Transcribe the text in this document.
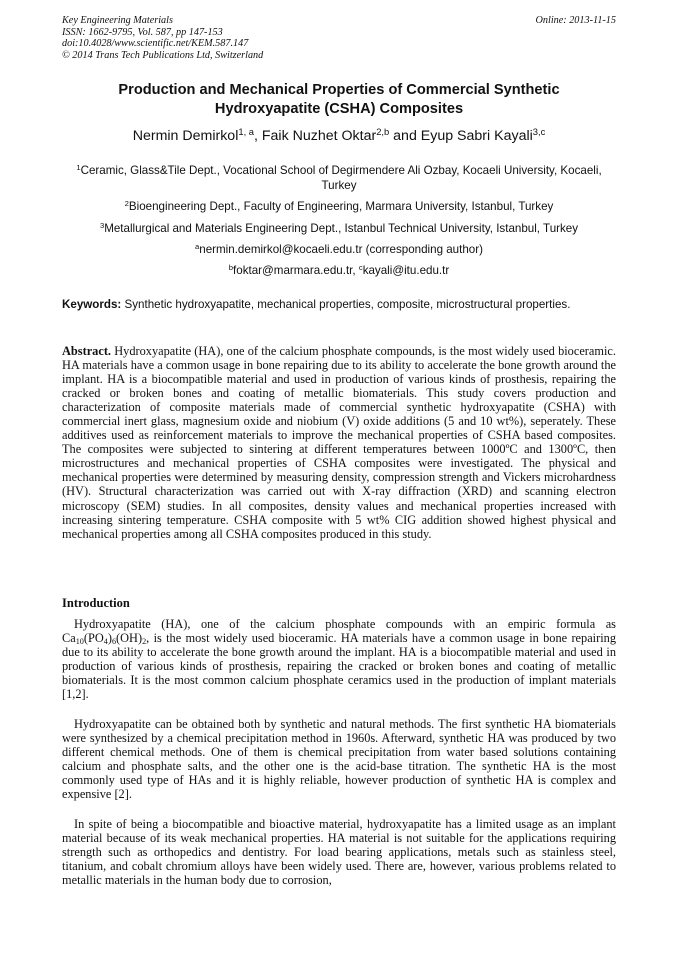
Key Engineering Materials
ISSN: 1662-9795, Vol. 587, pp 147-153
doi:10.4028/www.scientific.net/KEM.587.147
© 2014 Trans Tech Publications Ltd, Switzerland
Online: 2013-11-15
Production and Mechanical Properties of Commercial Synthetic
Hydroxyapatite (CSHA) Composites
Nermin Demirkol$^{1, a}$, Faik Nuzhet Oktar$^{2,b}$ and Eyup Sabri Kayali$^{3,c}$
$^1$Ceramic, Glass&Tile Dept., Vocational School of Degirmendere Ali Ozbay, Kocaeli University, Kocaeli, Turkey
$^2$Bioengineering Dept., Faculty of Engineering, Marmara University, Istanbul, Turkey
$^3$Metallurgical and Materials Engineering Dept., Istanbul Technical University, Istanbul, Turkey
$^a$nermin.demirkol@kocaeli.edu.tr (corresponding author)
$^b$foktar@marmara.edu.tr, $^c$kayali@itu.edu.tr
Keywords: Synthetic hydroxyapatite, mechanical properties, composite, microstructural properties.
Abstract. Hydroxyapatite (HA), one of the calcium phosphate compounds, is the most widely used bioceramic. HA materials have a common usage in bone repairing due to its ability to accelerate the bone growth around the implant. HA is a biocompatible material and used in production of various kinds of prosthesis, repairing the cracked or broken bones and coating of metallic biomaterials. This study covers production and characterization of composite materials made of commercial synthetic hydroxyapatite (CSHA) with commercial inert glass, magnesium oxide and niobium (V) oxide additions (5 and 10 wt%), seperately. These additives used as reinforcement materials to improve the mechanical properties of CSHA based composites. The composites were subjected to sintering at different temperatures between 1000ºC and 1300ºC, then microstructures and mechanical properties of CSHA composites were investigated. The physical and mechanical properties were determined by measuring density, compression strength and Vickers microhardness (HV). Structural characterization was carried out with X-ray diffraction (XRD) and scanning electron microscopy (SEM) studies. In all composites, density values and mechanical properties increased with increasing sintering temperature. CSHA composite with 5 wt% CIG addition showed highest physical and mechanical properties among all CSHA composites produced in this study.
Introduction

Hydroxyapatite (HA), one of the calcium phosphate compounds with an empiric formula as $Ca_{10}(PO_4)_6(OH)_2$, is the most widely used bioceramic. HA materials have a common usage in bone repairing due to its ability to accelerate the bone growth around the implant. HA is a biocompatible material and used in production of various kinds of prosthesis, repairing the cracked or broken bones and coating of metallic biomaterials. It is the most common calcium phosphate ceramics used in the production of implant materials [1,2].

Hydroxyapatite can be obtained both by synthetic and natural methods. The first synthetic HA biomaterials were synthesized by a chemical precipitation method in 1960s. Afterward, synthetic HA was produced by two different chemical methods. One of them is chemical precipitation from water based solutions containing calcium and phosphate salts, and the other one is the acid-base titration. The synthetic HA is the most commonly used type of HAs and it is highly reliable, however production of synthetic HA is complex and expensive [2].

In spite of being a biocompatible and bioactive material, hydroxyapatite has a limited usage as an implant material because of its weak mechanical properties. HA material is not suitable for the applications requiring strength such as orthopedics and dentistry. For load bearing applications, metals such as stainless steel, titanium, and cobalt chromium alloys have been widely used. There are, however, various problems related to metallic materials in the human body due to corrosion,
